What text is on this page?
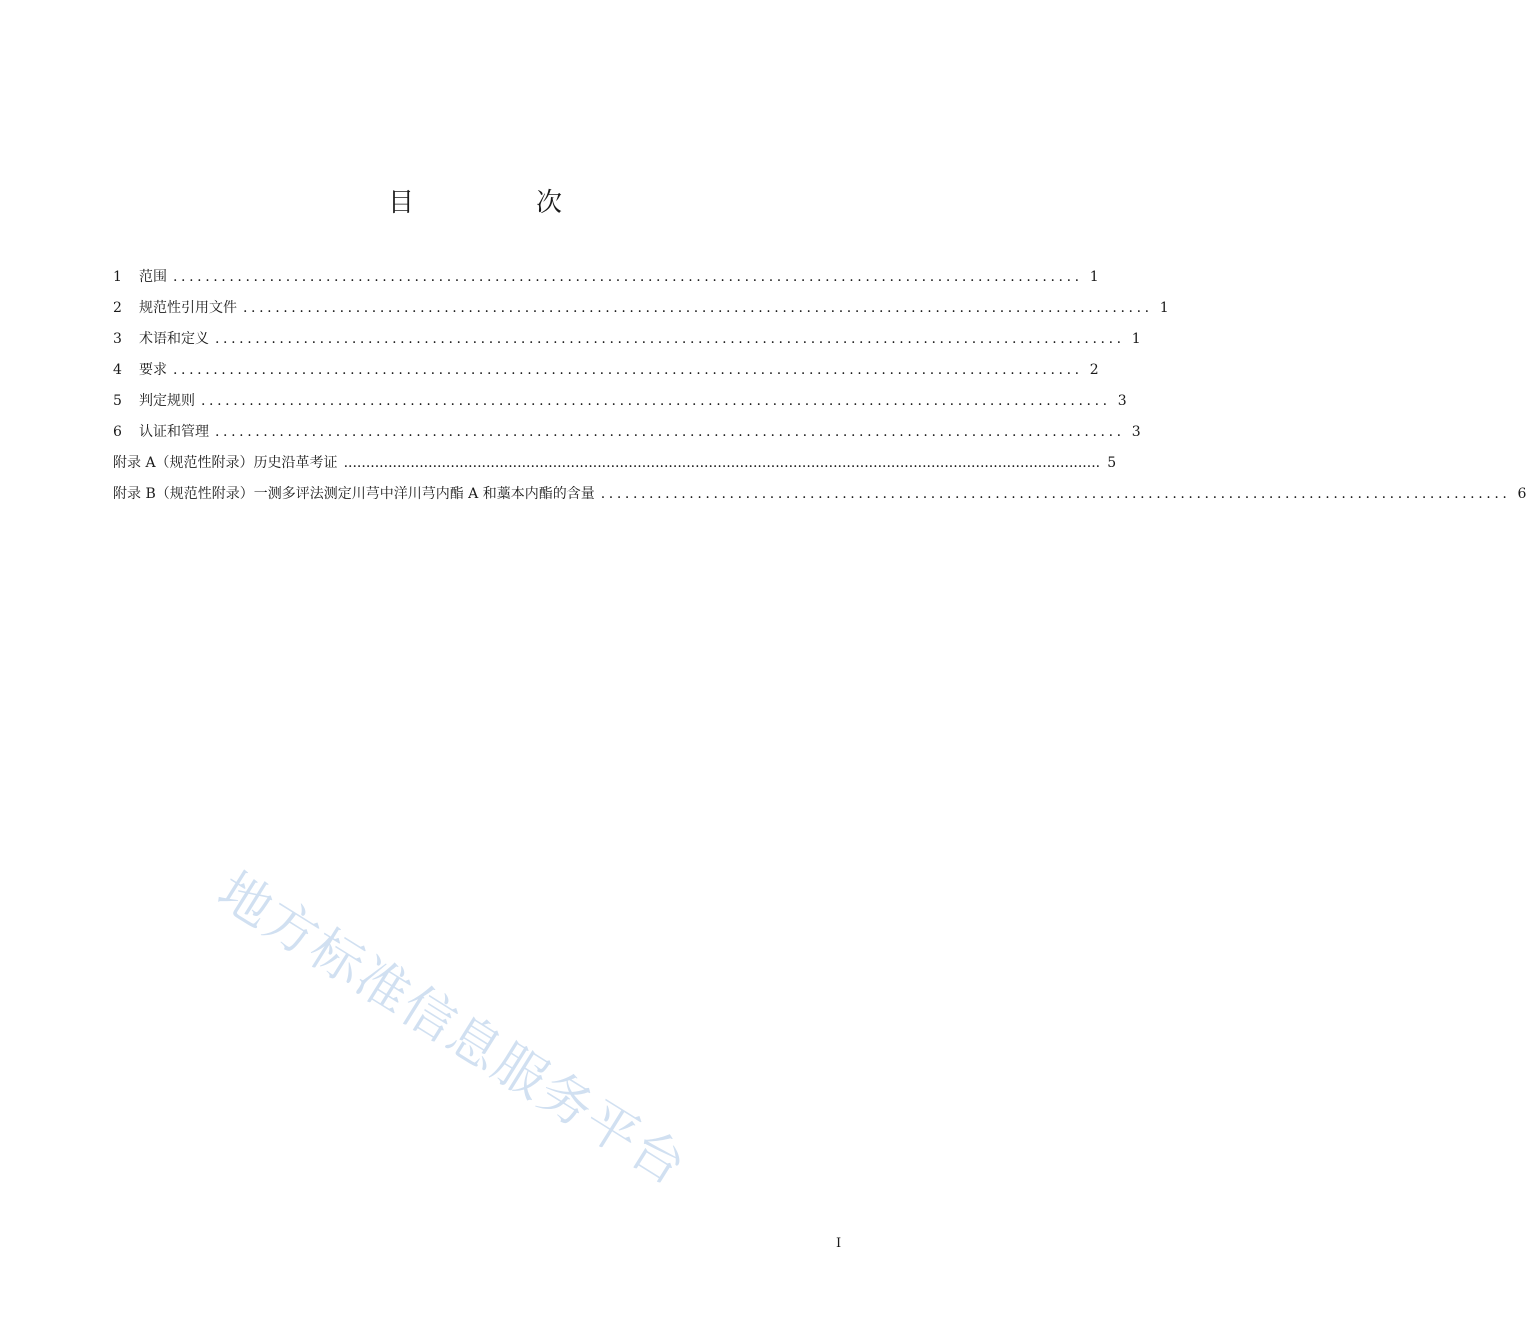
目　次
1	范围 ................................................................................................................. 1
2	规范性引用文件 ................................................................................................................. 1
3	术语和定义 ................................................................................................................. 1
4	要求 ................................................................................................................. 2
5	判定规则 ................................................................................................................. 3
6	认证和管理 ................................................................................................................. 3
附录 A（规范性附录）历史沿革考证 .......................................................................................................................................................................... 5
附录 B（规范性附录）一测多评法测定川芎中洋川芎内酯 A 和藁本内酯的含量 ................................................................................................................. 6
地方标准信息服务平台
I
